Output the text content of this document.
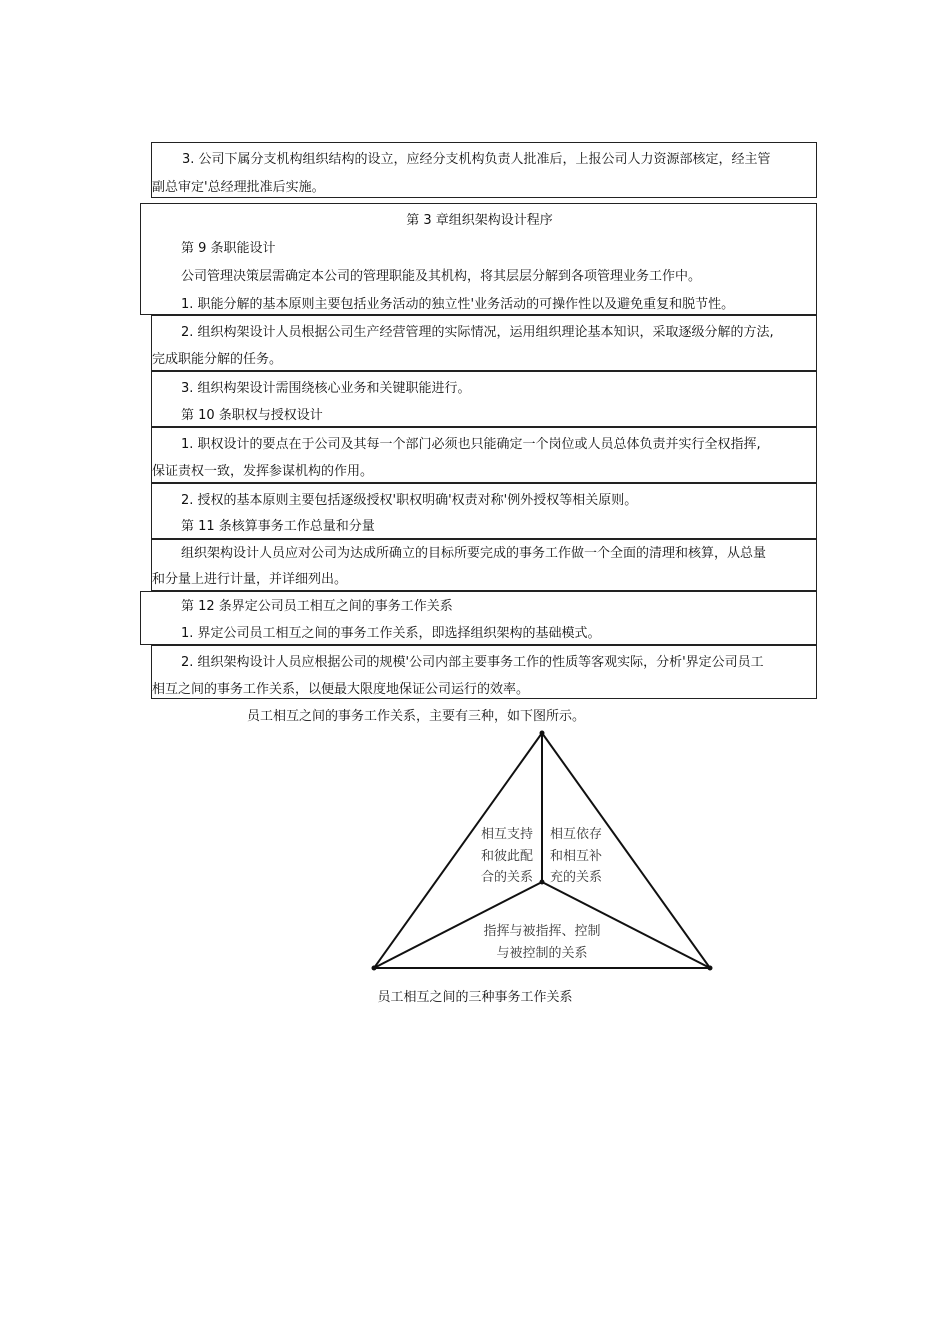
3. 公司下属分支机构组织结构的设立，应经分支机构负责人批准后，上报公司人力资源部核定，经主管
副总审定'总经理批准后实施。
第 3 章组织架构设计程序
第 9 条职能设计
公司管理决策层需确定本公司的管理职能及其机构，将其层层分解到各项管理业务工作中。
1. 职能分解的基本原则主要包括业务活动的独立性'业务活动的可操作性以及避免重复和脱节性。
2. 组织构架设计人员根据公司生产经营管理的实际情况，运用组织理论基本知识，采取逐级分解的方法,
完成职能分解的任务。
3. 组织构架设计需围绕核心业务和关键职能进行。
第 10 条职权与授权设计
1. 职权设计的要点在于公司及其每一个部门必须也只能确定一个岗位或人员总体负责并实行全权指挥,
保证责权一致，发挥参谋机构的作用。
2. 授权的基本原则主要包括逐级授权'职权明确'权责对称'例外授权等相关原则。
第 11 条核算事务工作总量和分量
组织架构设计人员应对公司为达成所确立的目标所要完成的事务工作做一个全面的清理和核算，从总量
和分量上进行计量，并详细列出。
第 12 条界定公司员工相互之间的事务工作关系
1. 界定公司员工相互之间的事务工作关系，即选择组织架构的基础模式。
2. 组织架构设计人员应根据公司的规模'公司内部主要事务工作的性质等客观实际，分析'界定公司员工
相互之间的事务工作关系，以便最大限度地保证公司运行的效率。
员工相互之间的事务工作关系，主要有三种，如下图所示。
相互支持
和彼此配
合的关系
相互依存
和相互补
充的关系
指挥与被指挥、控制
与被控制的关系
员工相互之间的三种事务工作关系
